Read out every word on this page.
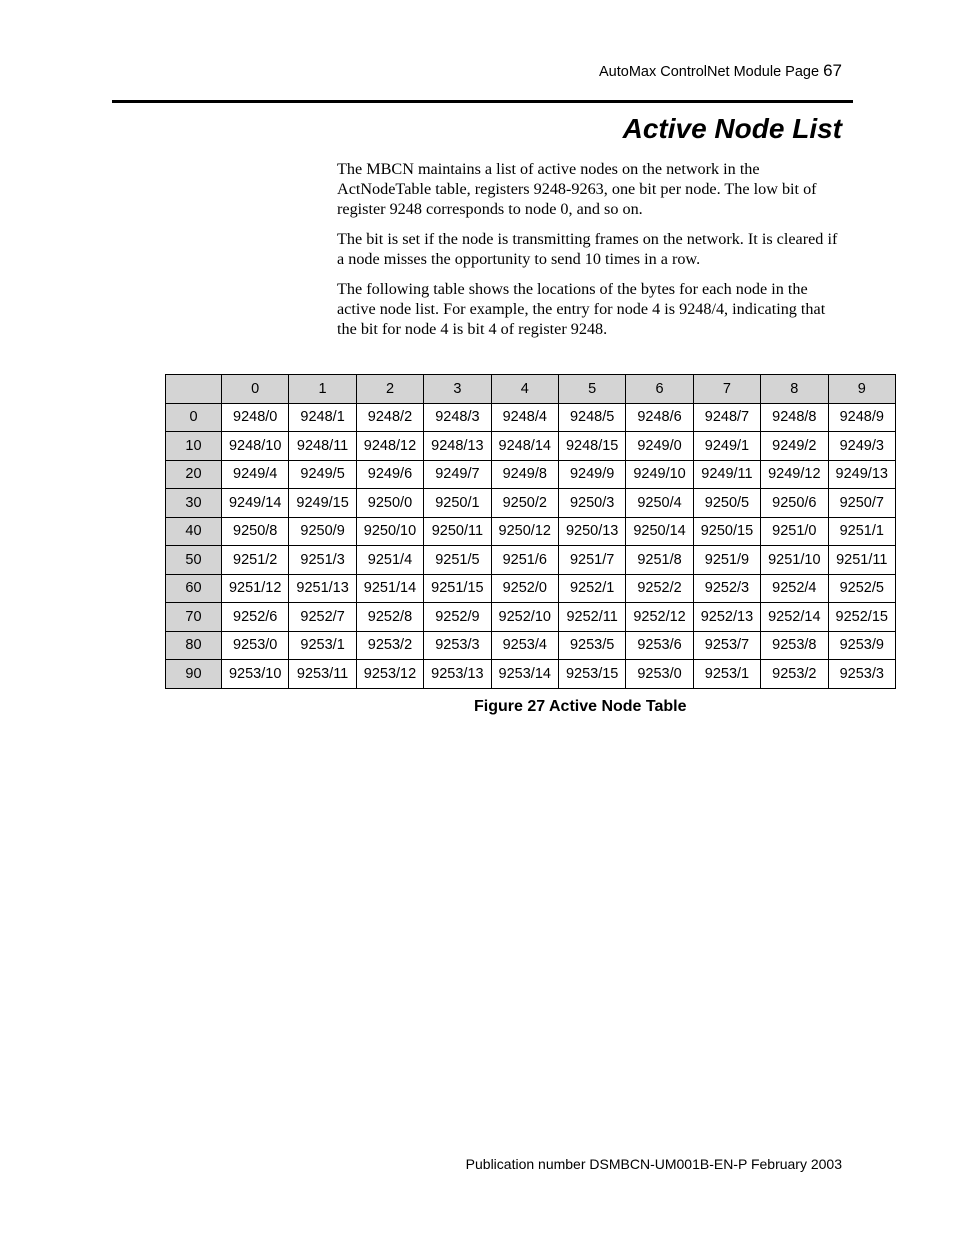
AutoMax ControlNet Module Page 67
Active Node List

The MBCN maintains a list of active nodes on the network in the ActNodeTable table, registers 9248-9263, one bit per node. The low bit of register 9248 corresponds to node 0, and so on.

The bit is set if the node is transmitting frames on the network. It is cleared if a node misses the opportunity to send 10 times in a row.

The following table shows the locations of the bytes for each node in the active node list. For example, the entry for node 4 is 9248/4, indicating that the bit for node 4 is bit 4 of register 9248.

	0	1	2	3	4	5	6	7	8	9
0	9248/0	9248/1	9248/2	9248/3	9248/4	9248/5	9248/6	9248/7	9248/8	9248/9
10	9248/10	9248/11	9248/12	9248/13	9248/14	9248/15	9249/0	9249/1	9249/2	9249/3
20	9249/4	9249/5	9249/6	9249/7	9249/8	9249/9	9249/10	9249/11	9249/12	9249/13
30	9249/14	9249/15	9250/0	9250/1	9250/2	9250/3	9250/4	9250/5	9250/6	9250/7
40	9250/8	9250/9	9250/10	9250/11	9250/12	9250/13	9250/14	9250/15	9251/0	9251/1
50	9251/2	9251/3	9251/4	9251/5	9251/6	9251/7	9251/8	9251/9	9251/10	9251/11
60	9251/12	9251/13	9251/14	9251/15	9252/0	9252/1	9252/2	9252/3	9252/4	9252/5
70	9252/6	9252/7	9252/8	9252/9	9252/10	9252/11	9252/12	9252/13	9252/14	9252/15
80	9253/0	9253/1	9253/2	9253/3	9253/4	9253/5	9253/6	9253/7	9253/8	9253/9
90	9253/10	9253/11	9253/12	9253/13	9253/14	9253/15	9253/0	9253/1	9253/2	9253/3
Figure 27 Active Node Table
Publication number DSMBCN-UM001B-EN-P February 2003
